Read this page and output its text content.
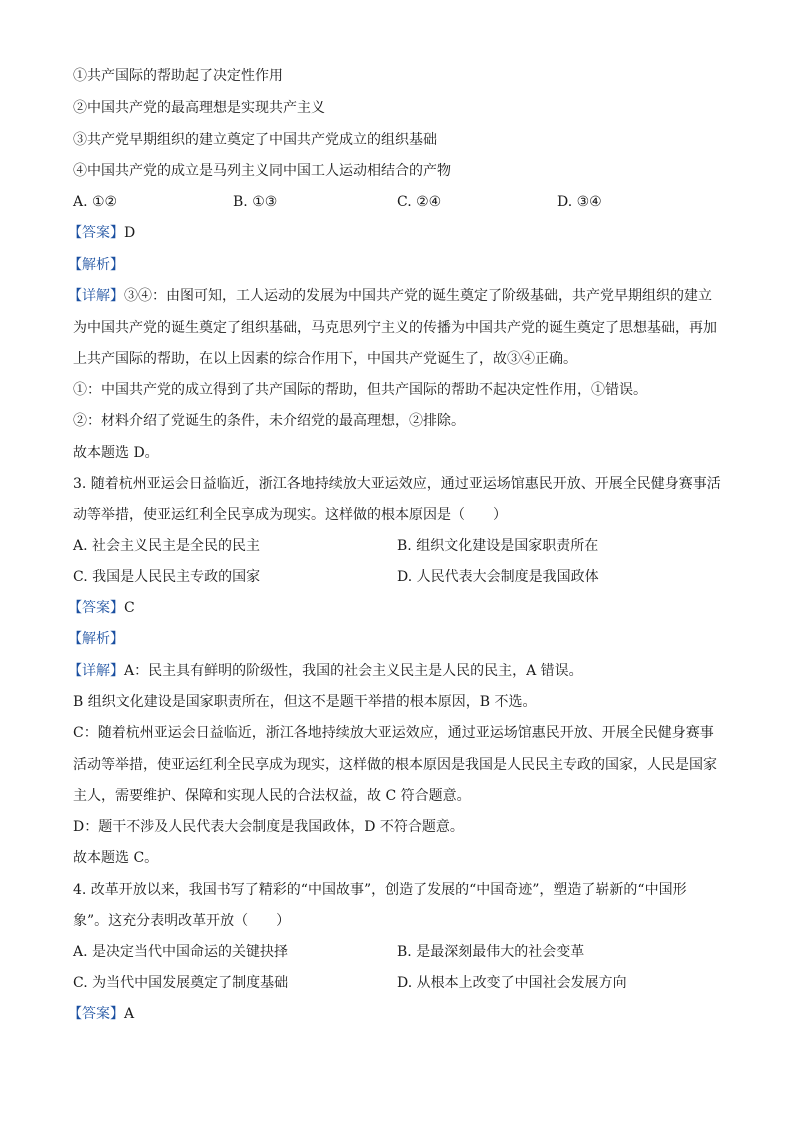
①共产国际的帮助起了决定性作用
②中国共产党的最高理想是实现共产主义
③共产党早期组织的建立奠定了中国共产党成立的组织基础
④中国共产党的成立是马列主义同中国工人运动相结合的产物
A. ①②	B. ①③	C. ②④	D. ③④
【答案】D
【解析】
【详解】③④：由图可知，工人运动的发展为中国共产党的诞生奠定了阶级基础，共产党早期组织的建立
为中国共产党的诞生奠定了组织基础，马克思列宁主义的传播为中国共产党的诞生奠定了思想基础，再加
上共产国际的帮助，在以上因素的综合作用下，中国共产党诞生了，故③④正确。
①：中国共产党的成立得到了共产国际的帮助，但共产国际的帮助不起决定性作用，①错误。
②：材料介绍了党诞生的条件，未介绍党的最高理想，②排除。
故本题选 D。
3. 随着杭州亚运会日益临近，浙江各地持续放大亚运效应，通过亚运场馆惠民开放、开展全民健身赛事活
动等举措，使亚运红利全民享成为现实。这样做的根本原因是（　　）
A. 社会主义民主是全民的民主	B. 组织文化建设是国家职责所在
C. 我国是人民民主专政的国家	D. 人民代表大会制度是我国政体
【答案】C
【解析】
【详解】A：民主具有鲜明的阶级性，我国的社会主义民主是人民的民主，A 错误。
B 组织文化建设是国家职责所在，但这不是题干举措的根本原因，B 不选。
C：随着杭州亚运会日益临近，浙江各地持续放大亚运效应，通过亚运场馆惠民开放、开展全民健身赛事
活动等举措，使亚运红利全民享成为现实，这样做的根本原因是我国是人民民主专政的国家，人民是国家
主人，需要维护、保障和实现人民的合法权益，故 C 符合题意。
D：题干不涉及人民代表大会制度是我国政体，D 不符合题意。
故本题选 C。
4. 改革开放以来，我国书写了精彩的“中国故事”，创造了发展的“中国奇迹”，塑造了崭新的“中国形
象”。这充分表明改革开放（　　）
A. 是决定当代中国命运的关键抉择	B. 是最深刻最伟大的社会变革
C. 为当代中国发展奠定了制度基础	D. 从根本上改变了中国社会发展方向
【答案】A
